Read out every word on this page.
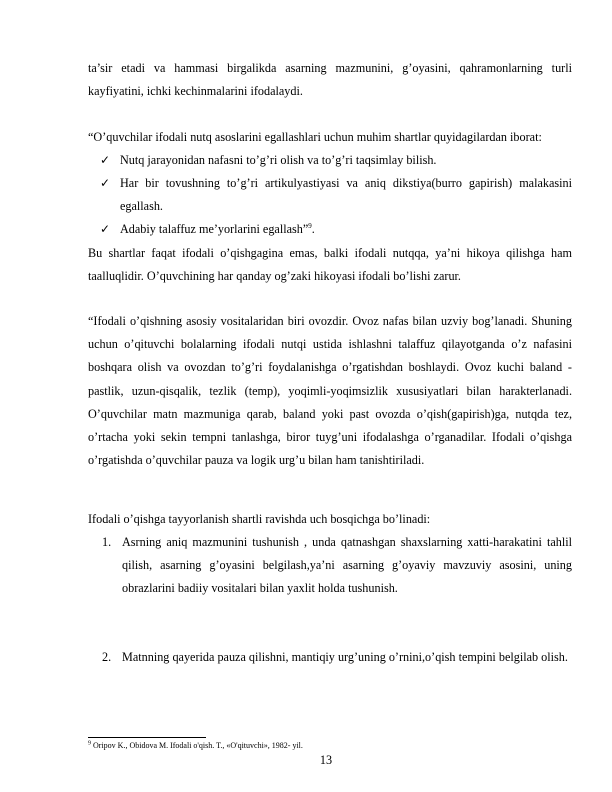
ta’sir etadi va hammasi birgalikda asarning mazmunini, g’oyasini, qahramonlarning turli kayfiyatini, ichki kechinmalarini ifodalaydi.

“O’quvchilar ifodali nutq asoslarini egallashlari uchun muhim shartlar quyidagilardan iborat:

✓ Nutq jarayonidan nafasni to’g’ri olish va to’g’ri taqsimlay bilish.
✓ Har bir tovushning to’g’ri artikulyastiyasi va aniq dikstiya(burro gapirish) malakasini egallash.
✓ Adabiy talaffuz me’yorlarini egallash”$^9$.

Bu shartlar faqat ifodali o’qishgagina emas, balki ifodali nutqqa, ya’ni hikoya qilishga ham taalluqlidir. O’quvchining har qanday og’zaki hikoyasi ifodali bo’lishi zarur.

“Ifodali o’qishning asosiy vositalaridan biri ovozdir. Ovoz nafas bilan uzviy bog’lanadi. Shuning uchun o’qituvchi bolalarning ifodali nutqi ustida ishlashni talaffuz qilayotganda o’z nafasini boshqara olish va ovozdan to’g’ri foydalanishga o’rgatishdan boshlaydi. Ovoz kuchi baland -pastlik, uzun-qisqalik, tezlik (temp), yoqimli-yoqimsizlik xususiyatlari bilan harakterlanadi. O’quvchilar matn mazmuniga qarab, baland yoki past ovozda o’qish(gapirish)ga, nutqda tez, o’rtacha yoki sekin tempni tanlashga, biror tuyg’uni ifodalashga o’rganadilar. Ifodali o’qishga o’rgatishda o’quvchilar pauza va logik urg’u bilan ham tanishtiriladi.

Ifodali o’qishga tayyorlanish shartli ravishda uch bosqichga bo’linadi:

1. Asrning aniq mazmunini tushunish , unda qatnashgan shaxslarning xatti-harakatini tahlil qilish, asarning g’oyasini belgilash,ya’ni asarning g’oyaviy mavzuviy asosini, uning obrazlarini badiiy vositalari bilan yaxlit holda tushunish.
2. Matnning qayerida pauza qilishni, mantiqiy urg’uning o’rnini,o’qish tempini belgilab olish.
$^9$ Oripov K., Obidova M. Ifodali o'qish. T., «O'qituvchi», 1982- yil.
13
